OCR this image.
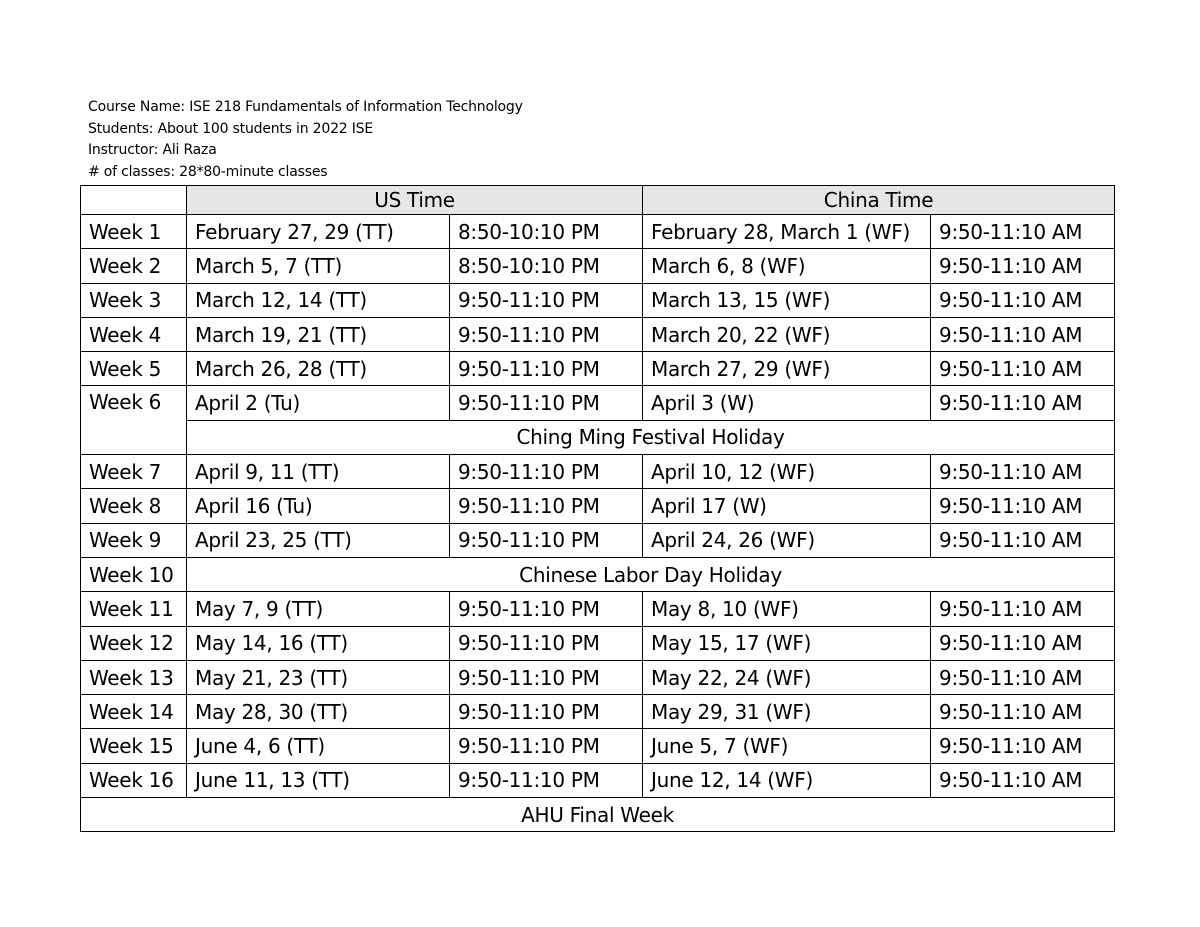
Course Name: ISE 218 Fundamentals of Information Technology
Students: About 100 students in 2022 ISE
Instructor: Ali Raza
# of classes: 28*80-minute classes
	US Time		China Time	
Week 1	February 27, 29 (TT)	8:50-10:10 PM	February 28, March 1 (WF)	9:50-11:10 AM
Week 2	March 5, 7 (TT)	8:50-10:10 PM	March 6, 8 (WF)	9:50-11:10 AM
Week 3	March 12, 14 (TT)	9:50-11:10 PM	March 13, 15 (WF)	9:50-11:10 AM
Week 4	March 19, 21 (TT)	9:50-11:10 PM	March 20, 22 (WF)	9:50-11:10 AM
Week 5	March 26, 28 (TT)	9:50-11:10 PM	March 27, 29 (WF)	9:50-11:10 AM
Week 6	April 2 (Tu)	9:50-11:10 PM	April 3 (W)	9:50-11:10 AM
	Ching Ming Festival Holiday			
Week 7	April 9, 11 (TT)	9:50-11:10 PM	April 10, 12 (WF)	9:50-11:10 AM
Week 8	April 16 (Tu)	9:50-11:10 PM	April 17 (W)	9:50-11:10 AM
Week 9	April 23, 25 (TT)	9:50-11:10 PM	April 24, 26 (WF)	9:50-11:10 AM
Week 10	Chinese Labor Day Holiday			
Week 11	May 7, 9 (TT)	9:50-11:10 PM	May 8, 10 (WF)	9:50-11:10 AM
Week 12	May 14, 16 (TT)	9:50-11:10 PM	May 15, 17 (WF)	9:50-11:10 AM
Week 13	May 21, 23 (TT)	9:50-11:10 PM	May 22, 24 (WF)	9:50-11:10 AM
Week 14	May 28, 30 (TT)	9:50-11:10 PM	May 29, 31 (WF)	9:50-11:10 AM
Week 15	June 4, 6 (TT)	9:50-11:10 PM	June 5, 7 (WF)	9:50-11:10 AM
Week 16	June 11, 13 (TT)	9:50-11:10 PM	June 12, 14 (WF)	9:50-11:10 AM
AHU Final Week				
